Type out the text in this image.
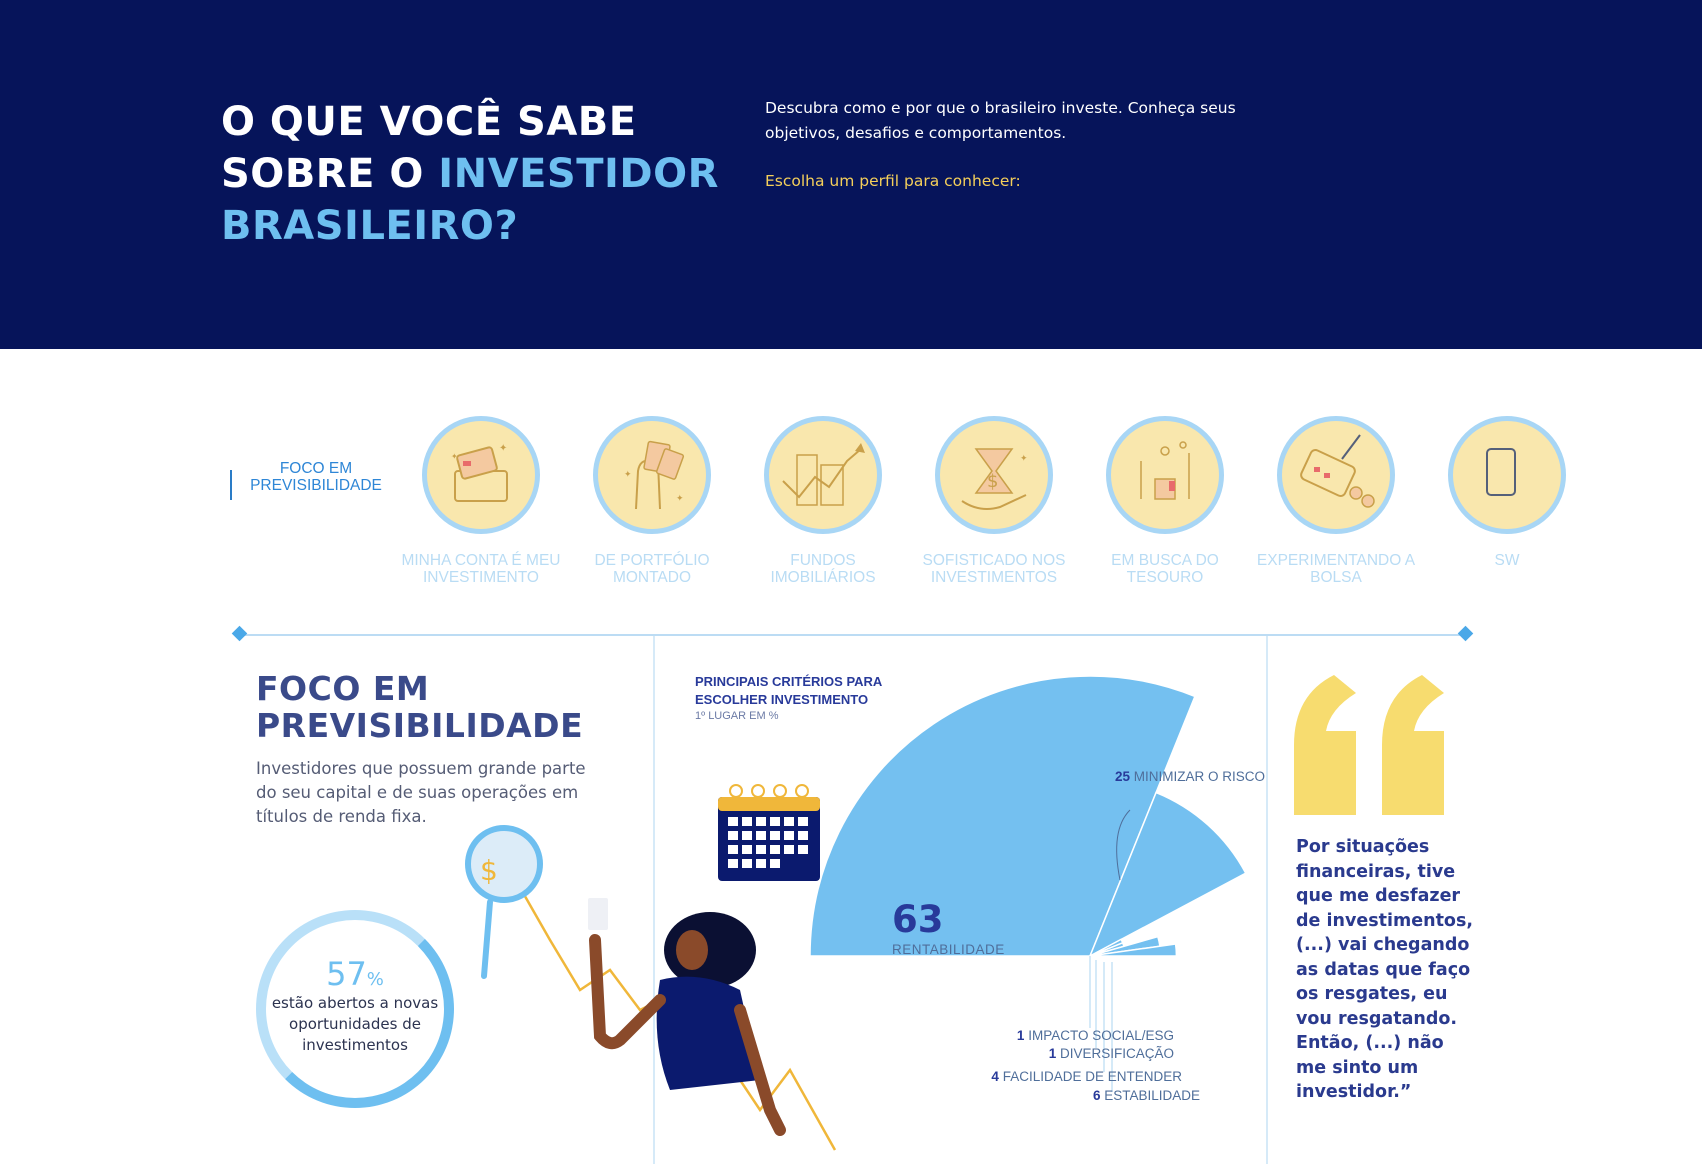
O QUE VOCÊ SABE
SOBRE O INVESTIDOR
BRASILEIRO?

Descubra como e por que o brasileiro investe. Conheça seus objetivos, desafios e comportamentos.

Escolha um perfil para conhecer:

FOCO EM PREVISIBILIDADE
✦
✦
MINHA CONTA É MEU INVESTIMENTO
✦
✦
DE PORTFÓLIO MONTADO
FUNDOS IMOBILIÁRIOS
$
✦
SOFISTICADO NOS INVESTIMENTOS
EM BUSCA DO TESOURO
EXPERIMENTANDO A BOLSA
SW
FOCO EM PREVISIBILIDADE

Investidores que possuem grande parte do seu capital e de suas operações em títulos de renda fixa.

57%
estão abertos a novas oportunidades de investimentos
$
PRINCIPAIS CRITÉRIOS PARA ESCOLHER INVESTIMENTO
1º LUGAR EM %
63
RENTABILIDADE
25 MINIMIZAR O RISCO
1 IMPACTO SOCIAL/ESG
1 DIVERSIFICAÇÃO
4 FACILIDADE DE ENTENDER
6 ESTABILIDADE

Por situações financeiras, tive que me desfazer de investimentos, (...) vai chegando as datas que faço os resgates, eu vou resgatando. Então, (...) não me sinto um investidor.”
